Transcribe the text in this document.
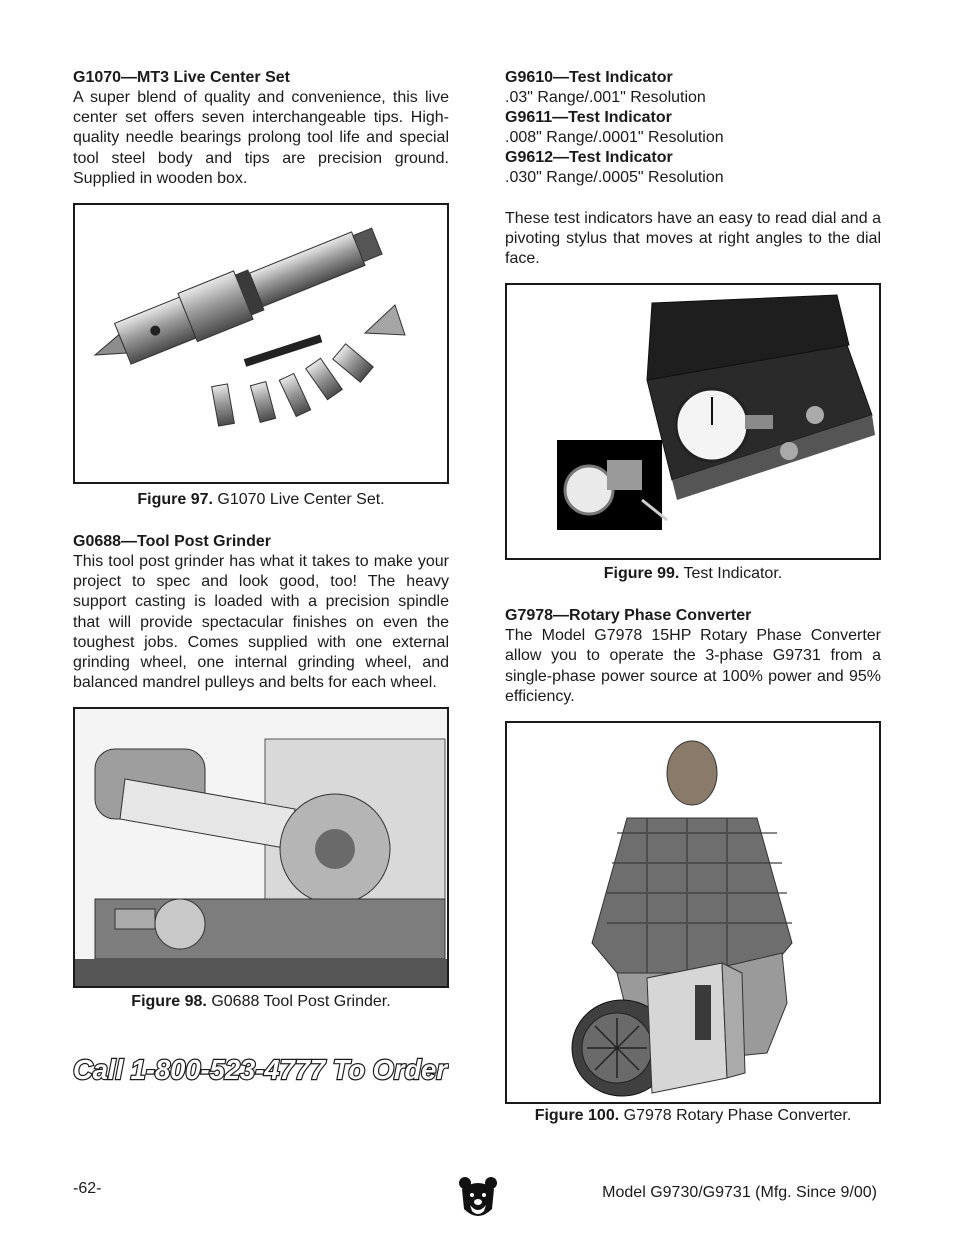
G1070—MT3 Live Center Set

A super blend of quality and convenience, this live center set offers seven interchangeable tips. High-quality needle bearings prolong tool life and special tool steel body and tips are precision ground. Supplied in wooden box.

Figure 97. G1070 Live Center Set.

G0688—Tool Post Grinder

This tool post grinder has what it takes to make your project to spec and look good, too! The heavy support casting is loaded with a precision spindle that will provide spectacular finishes on even the toughest jobs. Comes supplied with one external grinding wheel, one internal grinding wheel, and balanced mandrel pulleys and belts for each wheel.

Figure 98. G0688 Tool Post Grinder.

Call 1-800-523-4777 To Order

G9610—Test Indicator

.03" Range/.001" Resolution

G9611—Test Indicator

.008" Range/.0001" Resolution

G9612—Test Indicator

.030" Range/.0005" Resolution

These test indicators have an easy to read dial and a pivoting stylus that moves at right angles to the dial face.

Figure 99. Test Indicator.

G7978—Rotary Phase Converter

The Model G7978 15HP Rotary Phase Converter allow you to operate the 3-phase G9731 from a single-phase power source at 100% power and 95% efficiency.

Figure 100. G7978 Rotary Phase Converter.

-62-	Model G9730/G9731 (Mfg. Since 9/00)
